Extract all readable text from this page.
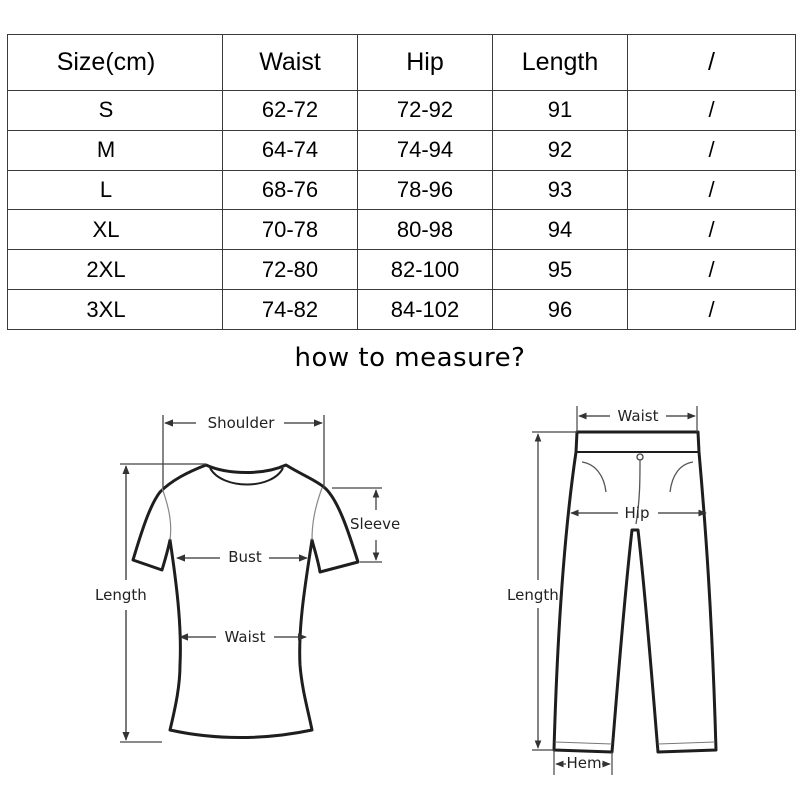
Size(cm)	Waist	Hip	Length	/
S	62-72	72-92	91	/
M	64-74	74-94	92	/
L	68-76	78-96	93	/
XL	70-78	80-98	94	/
2XL	72-80	82-100	95	/
3XL	74-82	84-102	96	/
how to measure?
Shoulder
Sleeve
Bust
Waist
Length
Waist
Hip
Length
Hem
